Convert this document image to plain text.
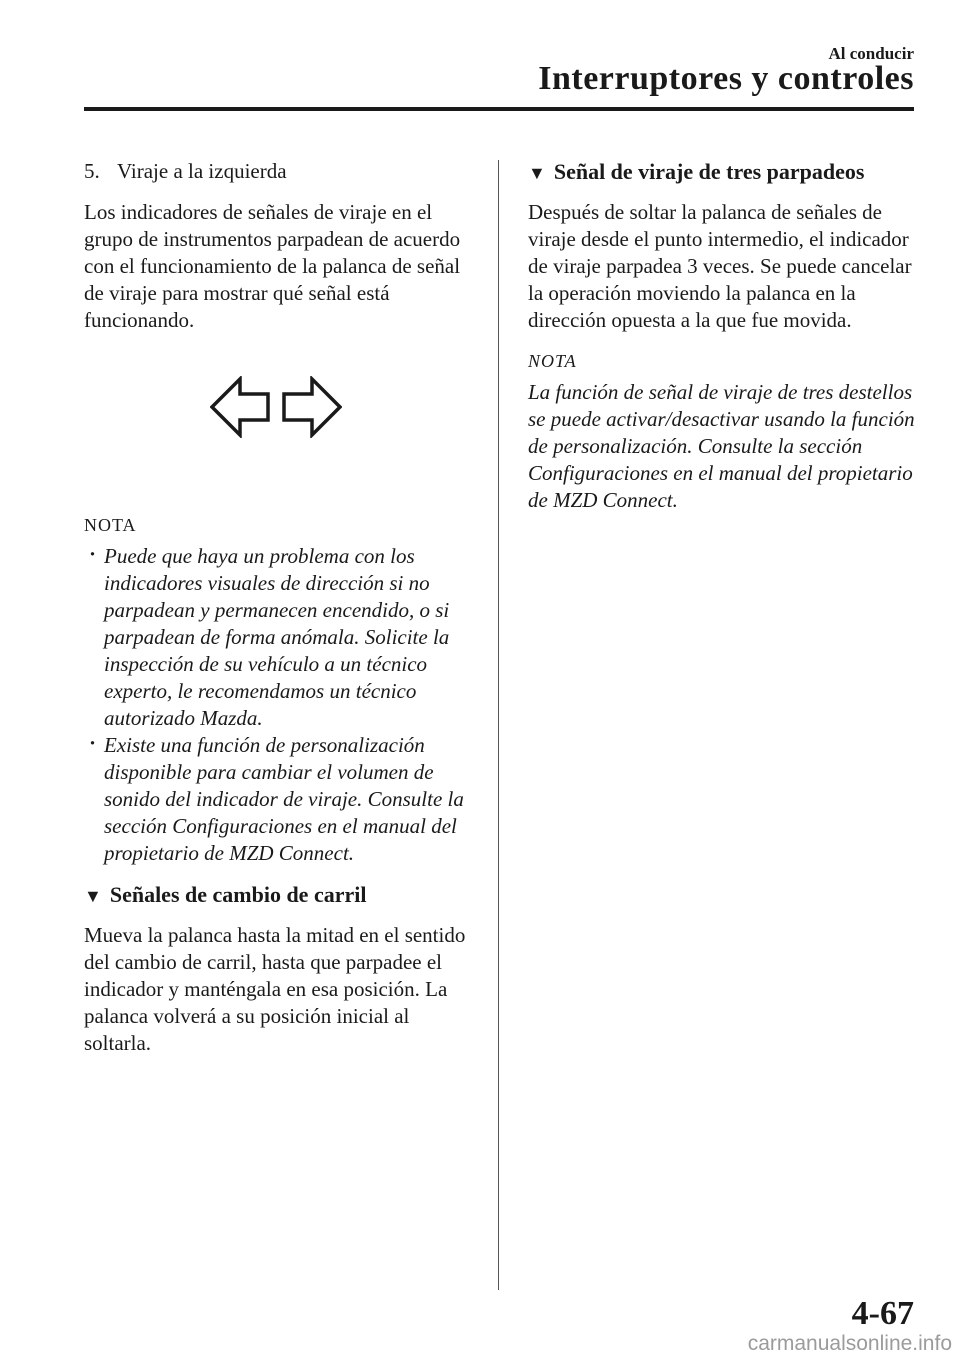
Al conducir
Interruptores y controles
5. Viraje a la izquierda

Los indicadores de señales de viraje en el grupo de instrumentos parpadean de acuerdo con el funcionamiento de la palanca de señal de viraje para mostrar qué señal está funcionando.

NOTA
· Puede que haya un problema con los indicadores visuales de dirección si no parpadean y permanecen encendido, o si parpadean de forma anómala. Solicite la inspección de su vehículo a un técnico experto, le recomendamos un técnico autorizado Mazda.
· Existe una función de personalización disponible para cambiar el volumen de sonido del indicador de viraje. Consulte la sección Configuraciones en el manual del propietario de MZD Connect.
▼ Señales de cambio de carril

Mueva la palanca hasta la mitad en el sentido del cambio de carril, hasta que parpadee el indicador y manténgala en esa posición. La palanca volverá a su posición inicial al soltarla.

▼ Señal de viraje de tres parpadeos

Después de soltar la palanca de señales de viraje desde el punto intermedio, el indicador de viraje parpadea 3 veces. Se puede cancelar la operación moviendo la palanca en la dirección opuesta a la que fue movida.

NOTA

La función de señal de viraje de tres destellos se puede activar/desactivar usando la función de personalización. Consulte la sección Configuraciones en el manual del propietario de MZD Connect.

4-67
carmanualsonline.info
